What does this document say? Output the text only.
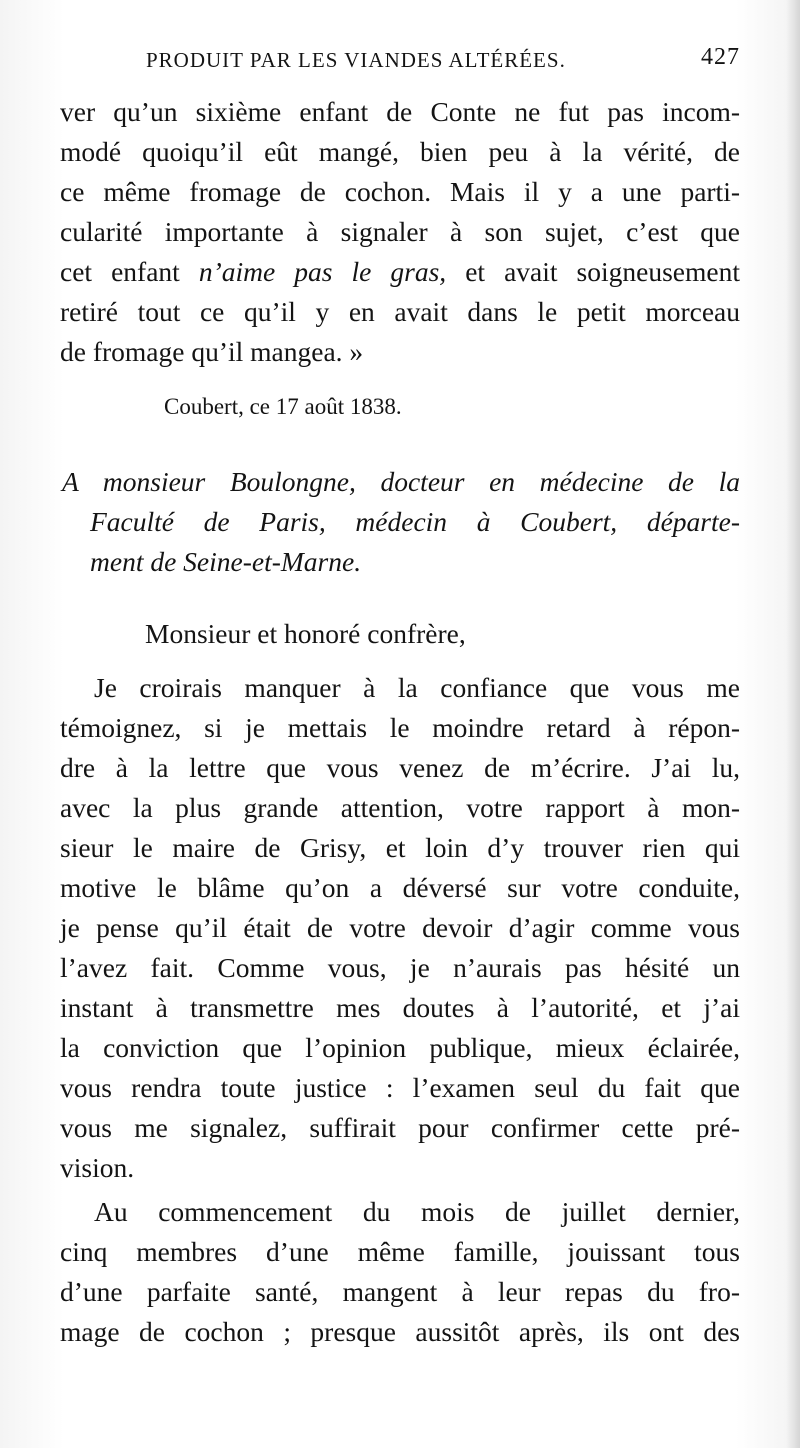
PRODUIT PAR LES VIANDES ALTÉRÉES.	427
ver qu’un sixième enfant de Conte ne fut pas incom-
modé quoiqu’il eût mangé, bien peu à la vérité, de
ce même fromage de cochon. Mais il y a une parti-
cularité importante à signaler à son sujet, c’est que
cet enfant n’aime pas le gras, et avait soigneusement
retiré tout ce qu’il y en avait dans le petit morceau
de fromage qu’il mangea. »
Coubert, ce 17 août 1838.
A monsieur Boulongne, docteur en médecine de la
Faculté de Paris, médecin à Coubert, départe-
ment de Seine-et-Marne.
Monsieur et honoré confrère,
Je croirais manquer à la confiance que vous me
témoignez, si je mettais le moindre retard à répon-
dre à la lettre que vous venez de m’écrire. J’ai lu,
avec la plus grande attention, votre rapport à mon-
sieur le maire de Grisy, et loin d’y trouver rien qui
motive le blâme qu’on a déversé sur votre conduite,
je pense qu’il était de votre devoir d’agir comme vous
l’avez fait. Comme vous, je n’aurais pas hésité un
instant à transmettre mes doutes à l’autorité, et j’ai
la conviction que l’opinion publique, mieux éclairée,
vous rendra toute justice : l’examen seul du fait que
vous me signalez, suffirait pour confirmer cette pré-
vision.
Au commencement du mois de juillet dernier,
cinq membres d’une même famille, jouissant tous
d’une parfaite santé, mangent à leur repas du fro-
mage de cochon ; presque aussitôt après, ils ont des
